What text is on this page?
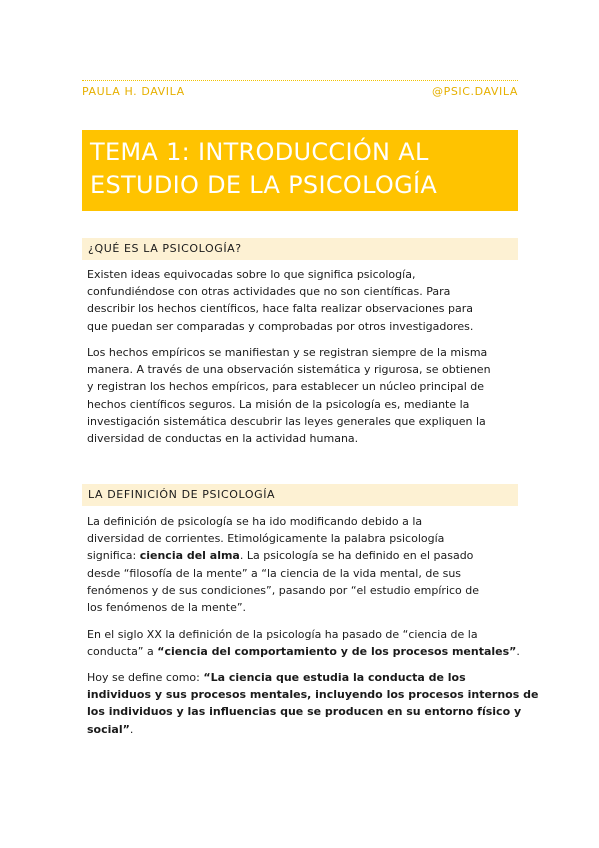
PAULA H. DAVILA	@PSIC.DAVILA
TEMA 1: INTRODUCCIÓN AL
ESTUDIO DE LA PSICOLOGÍA
¿QUÉ ES LA PSICOLOGÍA?

Existen ideas equivocadas sobre lo que significa psicología,
confundiéndose con otras actividades que no son científicas. Para
describir los hechos científicos, hace falta realizar observaciones para
que puedan ser comparadas y comprobadas por otros investigadores.

Los hechos empíricos se manifiestan y se registran siempre de la misma
manera. A través de una observación sistemática y rigurosa, se obtienen
y registran los hechos empíricos, para establecer un núcleo principal de
hechos científicos seguros. La misión de la psicología es, mediante la
investigación sistemática descubrir las leyes generales que expliquen la
diversidad de conductas en la actividad humana.

LA DEFINICIÓN DE PSICOLOGÍA

La definición de psicología se ha ido modificando debido a la
diversidad de corrientes. Etimológicamente la palabra psicología
significa: ciencia del alma. La psicología se ha definido en el pasado
desde “filosofía de la mente” a “la ciencia de la vida mental, de sus
fenómenos y de sus condiciones”, pasando por “el estudio empírico de
los fenómenos de la mente”.

En el siglo XX la definición de la psicología ha pasado de “ciencia de la
conducta” a “ciencia del comportamiento y de los procesos mentales”.

Hoy se define como: “La ciencia que estudia la conducta de los
individuos y sus procesos mentales, incluyendo los procesos internos de
los individuos y las influencias que se producen en su entorno físico y
social”.
